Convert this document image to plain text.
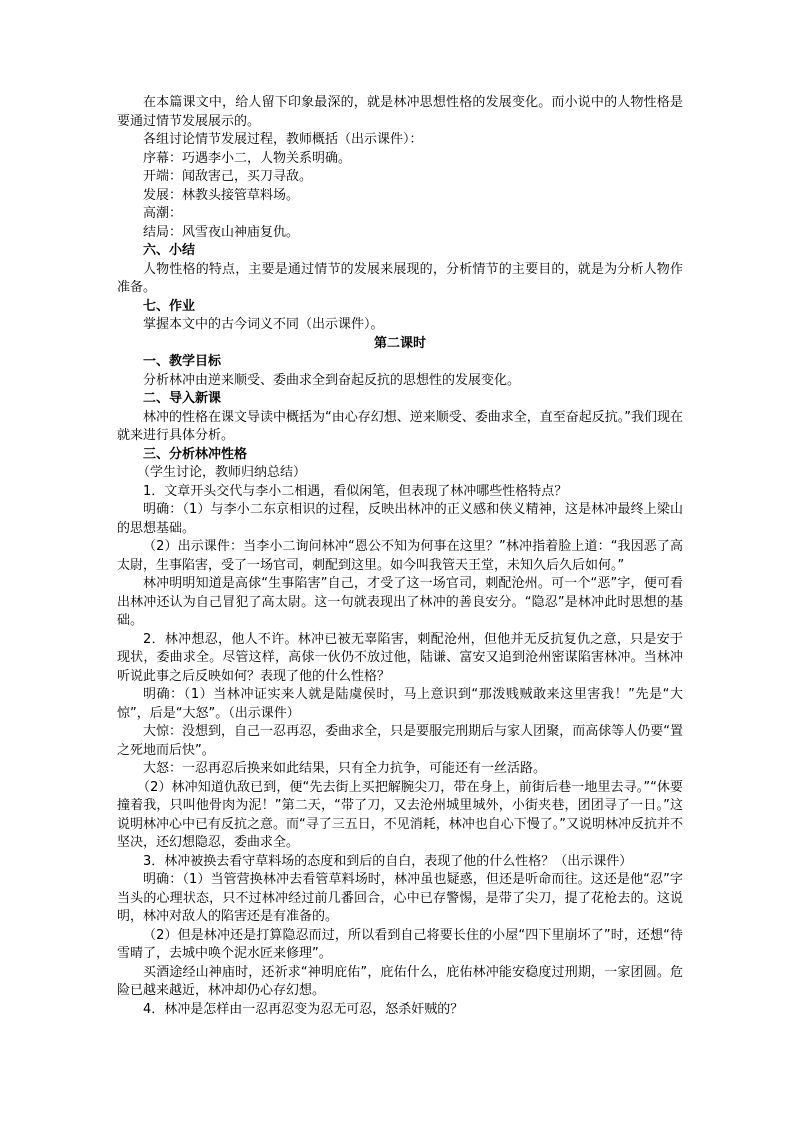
在本篇课文中，给人留下印象最深的，就是林冲思想性格的发展变化。而小说中的人物性格是要通过情节发展展示的。

各组讨论情节发展过程，教师概括（出示课件）：

序幕：巧遇李小二，人物关系明确。

开端：闻敌害己，买刀寻敌。

发展：林教头接管草料场。

高潮：

结局：风雪夜山神庙复仇。

六、小结

人物性格的特点，主要是通过情节的发展来展现的，分析情节的主要目的，就是为分析人物作准备。

七、作业

掌握本文中的古今词义不同（出示课件）。

第二课时

一、教学目标

分析林冲由逆来顺受、委曲求全到奋起反抗的思想性的发展变化。

二、导入新课

林冲的性格在课文导读中概括为“由心存幻想、逆来顺受、委曲求全，直至奋起反抗。”我们现在就来进行具体分析。

三、分析林冲性格

（学生讨论，教师归纳总结）

1．文章开头交代与李小二相遇，看似闲笔，但表现了林冲哪些性格特点？

明确：（1）与李小二东京相识的过程，反映出林冲的正义感和侠义精神，这是林冲最终上梁山的思想基础。

（2）出示课件：当李小二询问林冲“恩公不知为何事在这里？”林冲指着脸上道：“我因恶了高太尉，生事陷害，受了一场官司，刺配到这里。如今叫我管天王堂，未知久后久后如何。”

林冲明明知道是高俅“生事陷害”自己，才受了这一场官司，刺配沧州。可一个“恶”字，便可看出林冲还认为自己冒犯了高太尉。这一句就表现出了林冲的善良安分。“隐忍”是林冲此时思想的基础。

2．林冲想忍，他人不许。林冲已被无辜陷害，刺配沧州，但他并无反抗复仇之意，只是安于现状，委曲求全。尽管这样，高俅一伙仍不放过他，陆谦、富安又追到沧州密谋陷害林冲。当林冲听说此事之后反映如何？表现了他的什么性格？

明确：（1）当林冲证实来人就是陆虞侯时，马上意识到“那泼贱贼敢来这里害我！”先是“大惊”，后是“大怒”。（出示课件）

大惊：没想到，自己一忍再忍，委曲求全，只是要服完刑期后与家人团聚，而高俅等人仍要“置之死地而后快”。

大怒：一忍再忍后换来如此结果，只有全力抗争，可能还有一丝活路。

（2）林冲知道仇敌已到，便“先去街上买把解腕尖刀，带在身上，前街后巷一地里去寻。”“休要撞着我，只叫他骨肉为泥！”第二天，“带了刀，又去沧州城里城外，小街夹巷，团团寻了一日。”这说明林冲心中已有反抗之意。而“寻了三五日，不见消耗，林冲也自心下慢了。”又说明林冲反抗并不坚决，还幻想隐忍，委曲求全。

3．林冲被换去看守草料场的态度和到后的自白，表现了他的什么性格？（出示课件）

明确：（1）当管营换林冲去看管草料场时，林冲虽也疑惑，但还是听命而往。这还是他“忍”字当头的心理状态，只不过林冲经过前几番回合，心中已存警惕，是带了尖刀，提了花枪去的。这说明，林冲对敌人的陷害还是有准备的。

（2）但是林冲还是打算隐忍而过，所以看到自己将要长住的小屋“四下里崩坏了”时，还想“待雪晴了，去城中唤个泥水匠来修理”。

买酒途经山神庙时，还祈求“神明庇佑”，庇佑什么，庇佑林冲能安稳度过刑期，一家团圆。危险已越来越近，林冲却仍心存幻想。

4．林冲是怎样由一忍再忍变为忍无可忍，怒杀奸贼的？
